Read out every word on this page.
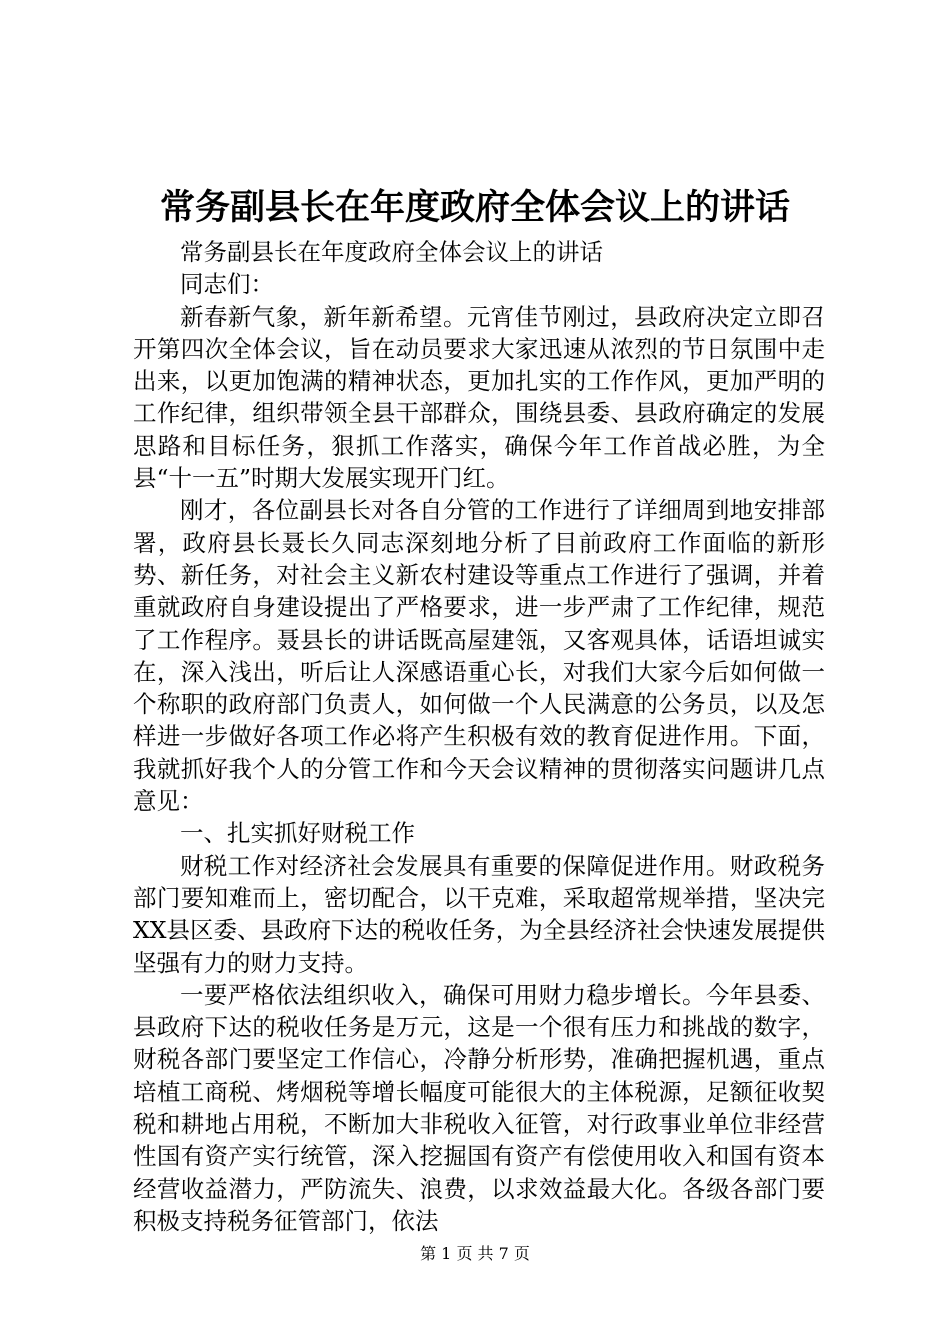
常务副县长在年度政府全体会议上的讲话

常务副县长在年度政府全体会议上的讲话

同志们：

新春新气象，新年新希望。元宵佳节刚过，县政府决定立即召开第四次全体会议，旨在动员要求大家迅速从浓烈的节日氛围中走出来，以更加饱满的精神状态，更加扎实的工作作风，更加严明的工作纪律，组织带领全县干部群众，围绕县委、县政府确定的发展思路和目标任务，狠抓工作落实，确保今年工作首战必胜，为全县“十一五”时期大发展实现开门红。

刚才，各位副县长对各自分管的工作进行了详细周到地安排部署，政府县长聂长久同志深刻地分析了目前政府工作面临的新形势、新任务，对社会主义新农村建设等重点工作进行了强调，并着重就政府自身建设提出了严格要求，进一步严肃了工作纪律，规范了工作程序。聂县长的讲话既高屋建瓴，又客观具体，话语坦诚实在，深入浅出，听后让人深感语重心长，对我们大家今后如何做一个称职的政府部门负责人，如何做一个人民满意的公务员，以及怎样进一步做好各项工作必将产生积极有效的教育促进作用。下面，我就抓好我个人的分管工作和今天会议精神的贯彻落实问题讲几点意见：

一、扎实抓好财税工作

财税工作对经济社会发展具有重要的保障促进作用。财政税务部门要知难而上，密切配合，以干克难，采取超常规举措，坚决完XX县区委、县政府下达的税收任务，为全县经济社会快速发展提供坚强有力的财力支持。

一要严格依法组织收入，确保可用财力稳步增长。今年县委、县政府下达的税收任务是万元，这是一个很有压力和挑战的数字，财税各部门要坚定工作信心，冷静分析形势，准确把握机遇，重点培植工商税、烤烟税等增长幅度可能很大的主体税源，足额征收契税和耕地占用税，不断加大非税收入征管，对行政事业单位非经营性国有资产实行统管，深入挖掘国有资产有偿使用收入和国有资本经营收益潜力，严防流失、浪费，以求效益最大化。各级各部门要积极支持税务征管部门，依法

第 1 页 共 7 页
